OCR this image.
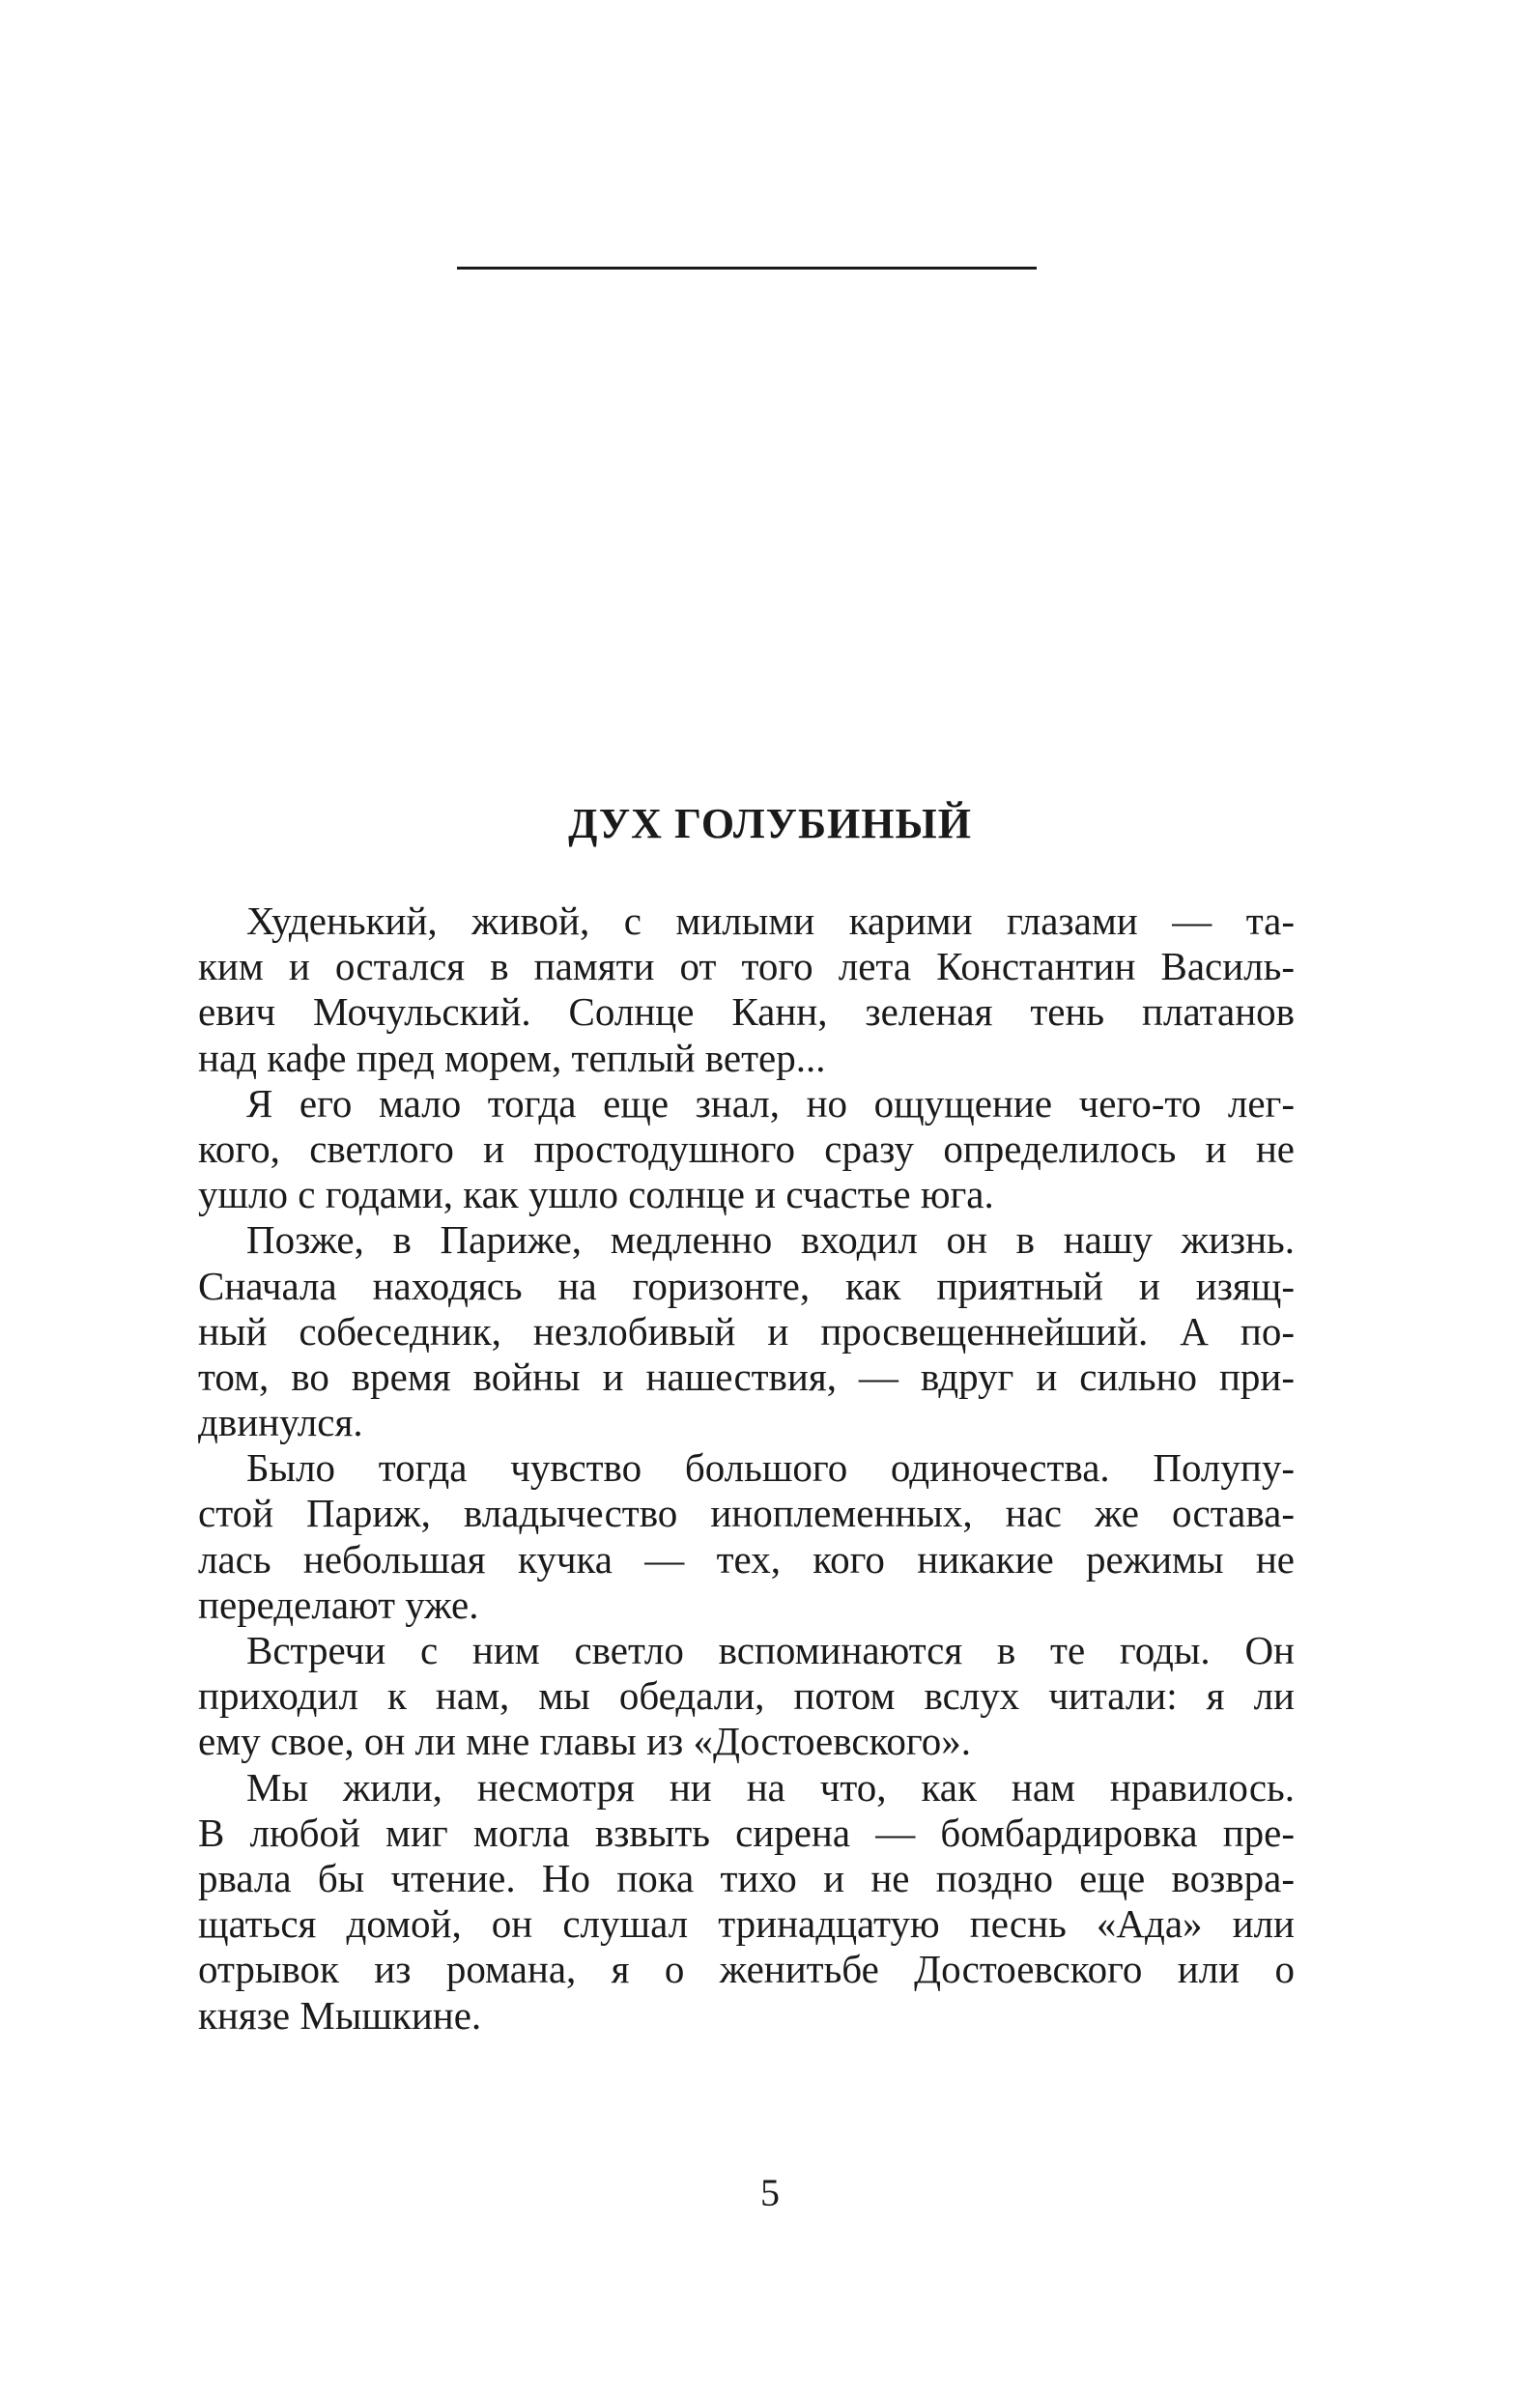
ДУХ ГОЛУБИНЫЙ

Худенький, живой, с милыми карими глазами — та-
ким и остался в памяти от того лета Константин Василь-
евич Мочульский. Солнце Канн, зеленая тень платанов
над кафе пред морем, теплый ветер...

Я его мало тогда еще знал, но ощущение чего-то лег-
кого, светлого и простодушного сразу определилось и не
ушло с годами, как ушло солнце и счастье юга.

Позже, в Париже, медленно входил он в нашу жизнь.
Сначала находясь на горизонте, как приятный и изящ-
ный собеседник, незлобивый и просвещеннейший. А по-
том, во время войны и нашествия, — вдруг и сильно при-
двинулся.

Было тогда чувство большого одиночества. Полупу-
стой Париж, владычество иноплеменных, нас же остава-
лась небольшая кучка — тех, кого никакие режимы не
переделают уже.

Встречи с ним светло вспоминаются в те годы. Он
приходил к нам, мы обедали, потом вслух читали: я ли
ему свое, он ли мне главы из «Достоевского».

Мы жили, несмотря ни на что, как нам нравилось.
В любой миг могла взвыть сирена — бомбардировка пре-
рвала бы чтение. Но пока тихо и не поздно еще возвра-
щаться домой, он слушал тринадцатую песнь «Ада» или
отрывок из романа, я о женитьбе Достоевского или о
князе Мышкине.

5
